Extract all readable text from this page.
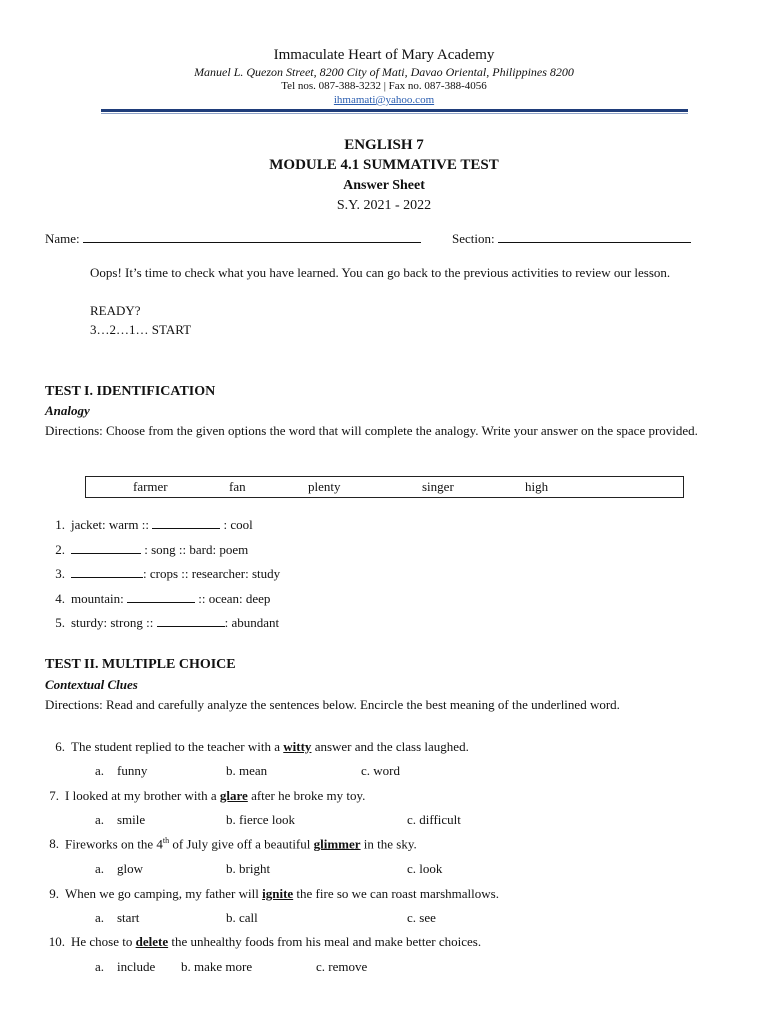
Immaculate Heart of Mary Academy
Manuel L. Quezon Street, 8200 City of Mati, Davao Oriental, Philippines 8200
Tel nos. 087-388-3232 | Fax no. 087-388-4056
ihmamati@yahoo.com
ENGLISH 7
MODULE 4.1 SUMMATIVE TEST
Answer Sheet
S.Y. 2021 - 2022
Name:	Section:
Oops! It’s time to check what you have learned. You can go back to the previous activities to review our lesson.
READY?
3…2…1… START
TEST I. IDENTIFICATION
Analogy
Directions: Choose from the given options the word that will complete the analogy. Write your answer on the space provided.
farmer	fan	plenty	singer	high
1. jacket: warm ::	: cool
2.	: song :: bard: poem
3.	: crops :: researcher: study
4. mountain:	:: ocean: deep
5. sturdy: strong ::	: abundant
TEST II. MULTIPLE CHOICE
Contextual Clues
Directions: Read and carefully analyze the sentences below. Encircle the best meaning of the underlined word.
6. The student replied to the teacher with a witty answer and the class laughed.
a. funny	b. mean	c. word
7. I looked at my brother with a glare after he broke my toy.
a. smile	b. fierce look	c. difficult
8. Fireworks on the 4th of July give off a beautiful glimmer in the sky.
a. glow	b. bright	c. look
9. When we go camping, my father will ignite the fire so we can roast marshmallows.
a. start	b. call	c. see
10. He chose to delete the unhealthy foods from his meal and make better choices.
a. include b. make more	c. remove
